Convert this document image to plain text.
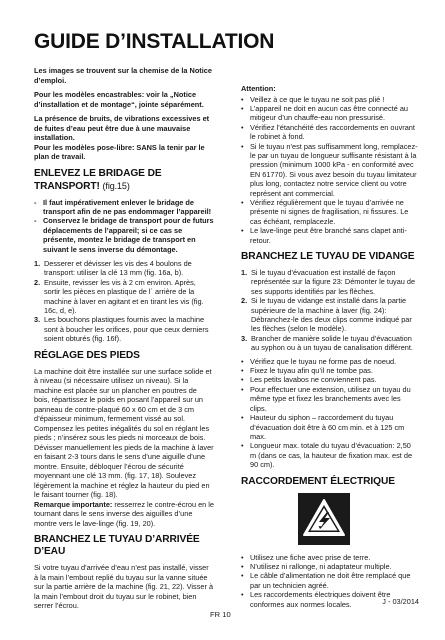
GUIDE D’INSTALLATION
Les images se trouvent sur la chemise de la Notice d’emploi.
Pour les modèles encastrables: voir la „Notice d’installation et de montage“, jointe séparément.
La présence de bruits, de vibrations excessives et de fuites d’eau peut être due à une mauvaise installation.
Pour les modèles pose-libre: SANS la tenir par le plan de travail.
ENLEVEZ LE BRIDAGE DE TRANSPORT! (fig.15)
- Il faut impérativement enlever le bridage de transport afin de ne pas endommager l’appareil!
- Conservez le bridage de transport pour de futurs déplacements de l’appareil; si ce cas se présente, montez le bridage de transport en suivant le sens inverse du démontage.
1. Desserer et dévisser les vis des 4 boulons de transport: utiliser la clé 13 mm (fig. 16a, b).
2. Ensuite, revisser les vis à 2 cm environ. Après, sortir les pièces en plastique de l´ arrière de la machine à laver en agitant et en tirant les vis (fig. 16c, d, e).
3. Les bouchons plastiques fournis avec la machine sont à boucher les orifices, pour que ceux derniers soient obturés (fig. 16f).
RÉGLAGE DES PIEDS
La machine doit être installée sur une surface solide et à niveau (si nécessaire utilisez un niveau). Si la machine est placée sur un plancher en poutres de bois, répartissez le poids en posant l’appareil sur un panneau de contre-plaqué 60 x 60 cm et de 3 cm d’épaisseur minimum, fermement vissé au sol. Compensez les petites inégalités du sol en réglant les pieds ; n’insérez sous les pieds ni morceaux de bois. Dévisser manuellement les pieds de la machine à laver en faisant 2-3 tours dans le sens d’une aiguille d’une montre. Ensuite, débloquer l’écrou de sécurité moyennant une clé 13 mm. (fig. 17, 18). Soulevez légèrement la machine et réglez la hauteur du pied en le faisant tourner (fig. 18).
Remarque importante: resserrez le contre-écrou en le tournant dans le sens inverse des aiguilles d’une montre vers le lave-linge (fig. 19, 20).
BRANCHEZ LE TUYAU D’ARRIVÉE D’EAU
Si votre tuyau d’arrivée d’eau n’est pas installé, visser à la main l’embout replié du tuyau sur la vanne située sur la partie arrière de la machine (fig. 21, 22). Visser à la main l’embout droit du tuyau sur le robinet, bien serrer l’écrou.
Attention:
• Veillez à ce que le tuyau ne soit pas plié !
• L’appareil ne doit en aucun cas être connecté au mitigeur d’un chauffe-eau non pressurisé.
• Vérifiez l’étanchéité des raccordements en ouvrant le robinet à fond.
• Si le tuyau n’est pas suffisamment long, remplacez- le par un tuyau de longueur suffisante résistant à la pression (minimum 1000 kPa - en conformité avec EN 61770). Si vous avez besoin du tuyau limitateur plus long, contactez notre service client ou votre représent ant commercial.
• Vérifiez régulièrement que le tuyau d’arrivée ne présente ni signes de fragilisation, ni fissures. Le cas échéant, remplacezle.
• Le lave-linge peut être branché sans clapet anti-retour.
BRANCHEZ LE TUYAU DE VIDANGE
1. Si le tuyau d’évacuation est installé de façon représentée sur la figure 23: Démonter le tuyau de ses supports identifiés par les flèches.
2. Si le tuyau de vidange est installé dans la partie supérieure de la machine à laver (fig. 24): Débranchez-le des deux clips comme indiqué par les flèches (selon le modèle).
3. Brancher de manière solide le tuyau d’évacuation au syphon ou à un tuyau de canalisation différent.
• Vérifiez que le tuyau ne forme pas de noeud.
• Fixez le tuyau afin qu’il ne tombe pas.
• Les petits lavabos ne conviennent pas.
• Pour effectuer une extension, utilisez un tuyau du même type et fixez les branchements avec les clips.
• Hauteur du siphon – raccordement du tuyau d’évacuation doit être à 60 cm min. et à 125 cm max.
• Longueur max. totale du tuyau d’évacuation: 2,50 m (dans ce cas, la hauteur de fixation max. est de 90 cm).
RACCORDEMENT ÉLECTRIQUE
• Utilisez une fiche avec prise de terre.
• N’utilisez ni rallonge, ni adaptateur multiple.
• Le câble d’alimentation ne doit être remplacé que par un technicien agréé.
• Les raccordements électriques doivent être conformes aux normes locales.	J - 03/2014
FR 10
